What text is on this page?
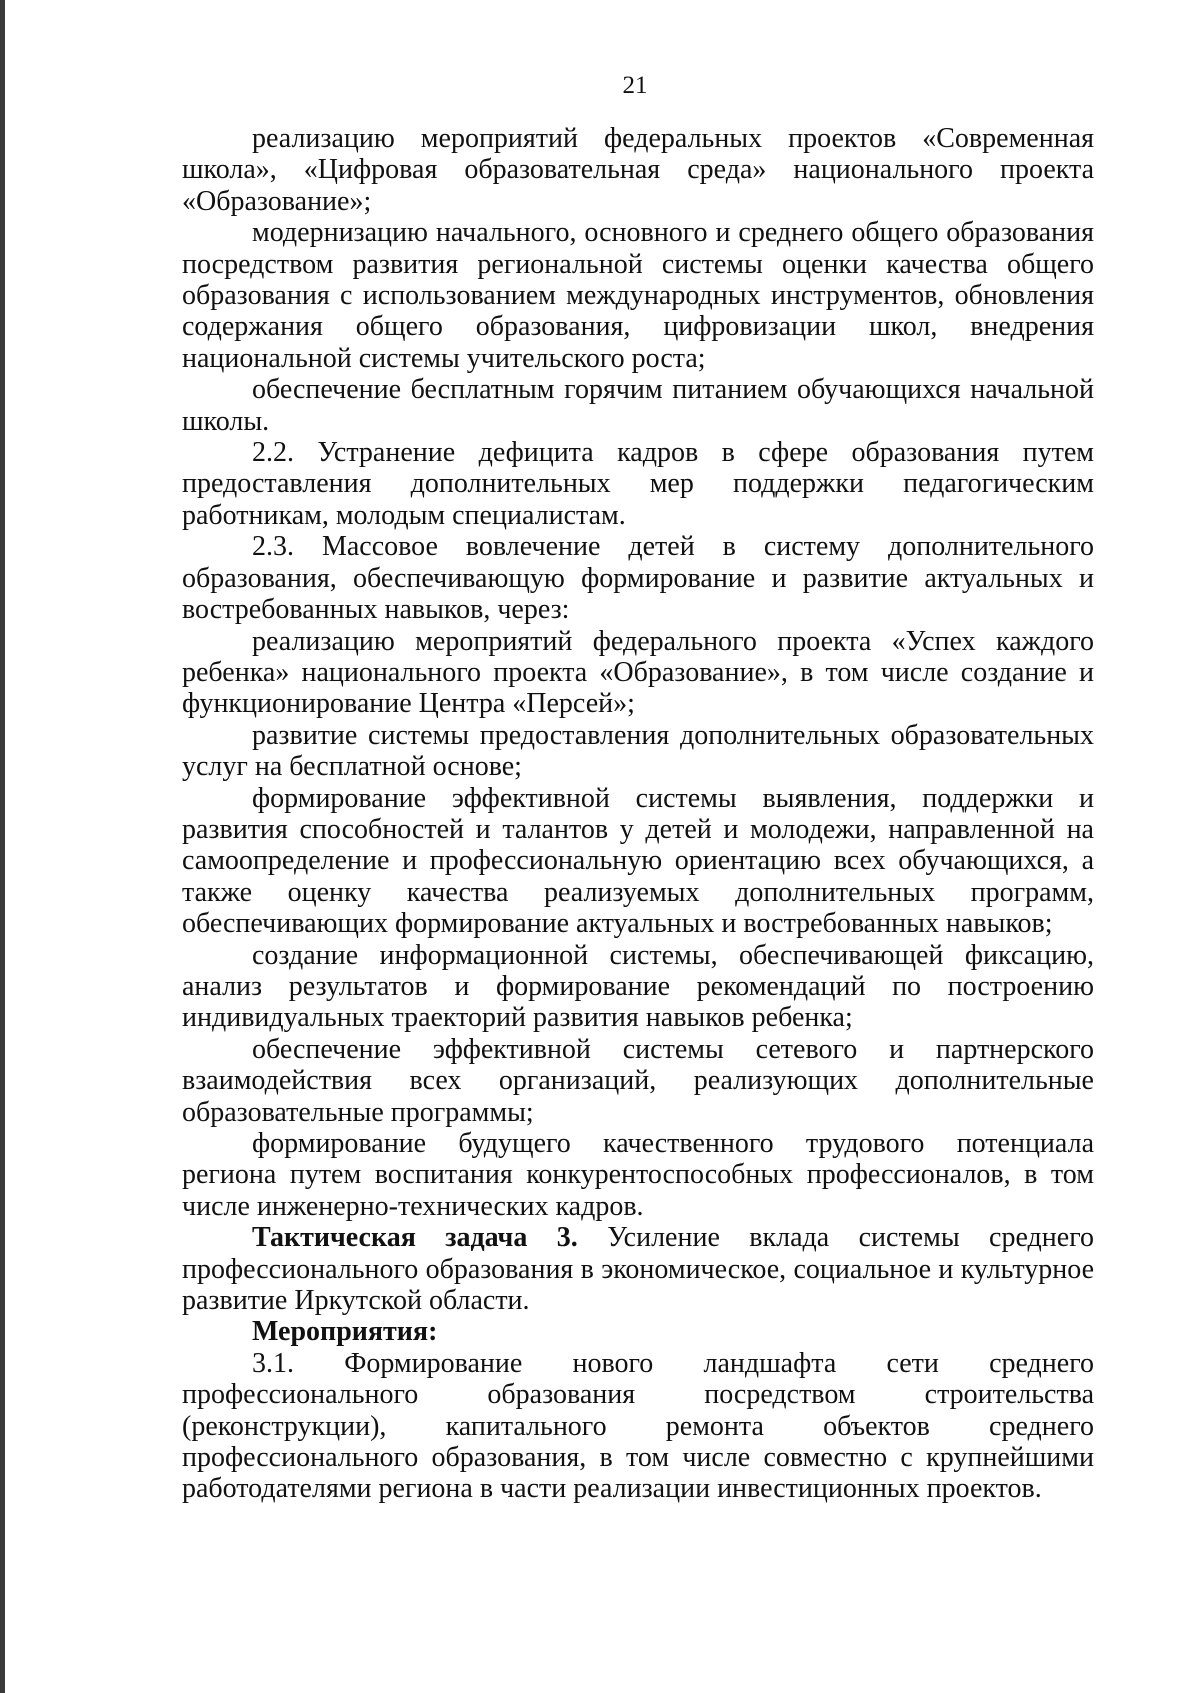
21

реализацию мероприятий федеральных проектов «Современная школа», «Цифровая образовательная среда» национального проекта «Образование»;

модернизацию начального, основного и среднего общего образования посредством развития региональной системы оценки качества общего образования с использованием международных инструментов, обновления содержания общего образования, цифровизации школ, внедрения национальной системы учительского роста;

обеспечение бесплатным горячим питанием обучающихся начальной школы.

2.2. Устранение дефицита кадров в сфере образования путем предоставления дополнительных мер поддержки педагогическим работникам, молодым специалистам.

2.3. Массовое вовлечение детей в систему дополнительного образования, обеспечивающую формирование и развитие актуальных и востребованных навыков, через:

реализацию мероприятий федерального проекта «Успех каждого ребенка» национального проекта «Образование», в том числе создание и функционирование Центра «Персей»;

развитие системы предоставления дополнительных образовательных услуг на бесплатной основе;

формирование эффективной системы выявления, поддержки и развития способностей и талантов у детей и молодежи, направленной на самоопределение и профессиональную ориентацию всех обучающихся, а также оценку качества реализуемых дополнительных программ, обеспечивающих формирование актуальных и востребованных навыков;

создание информационной системы, обеспечивающей фиксацию, анализ результатов и формирование рекомендаций по построению индивидуальных траекторий развития навыков ребенка;

обеспечение эффективной системы сетевого и партнерского взаимодействия всех организаций, реализующих дополнительные образовательные программы;

формирование будущего качественного трудового потенциала региона путем воспитания конкурентоспособных профессионалов, в том числе инженерно-технических кадров.

Тактическая задача 3. Усиление вклада системы среднего профессионального образования в экономическое, социальное и культурное развитие Иркутской области.

Мероприятия:

3.1. Формирование нового ландшафта сети среднего профессионального образования посредством строительства (реконструкции), капитального ремонта объектов среднего профессионального образования, в том числе совместно с крупнейшими работодателями региона в части реализации инвестиционных проектов.
